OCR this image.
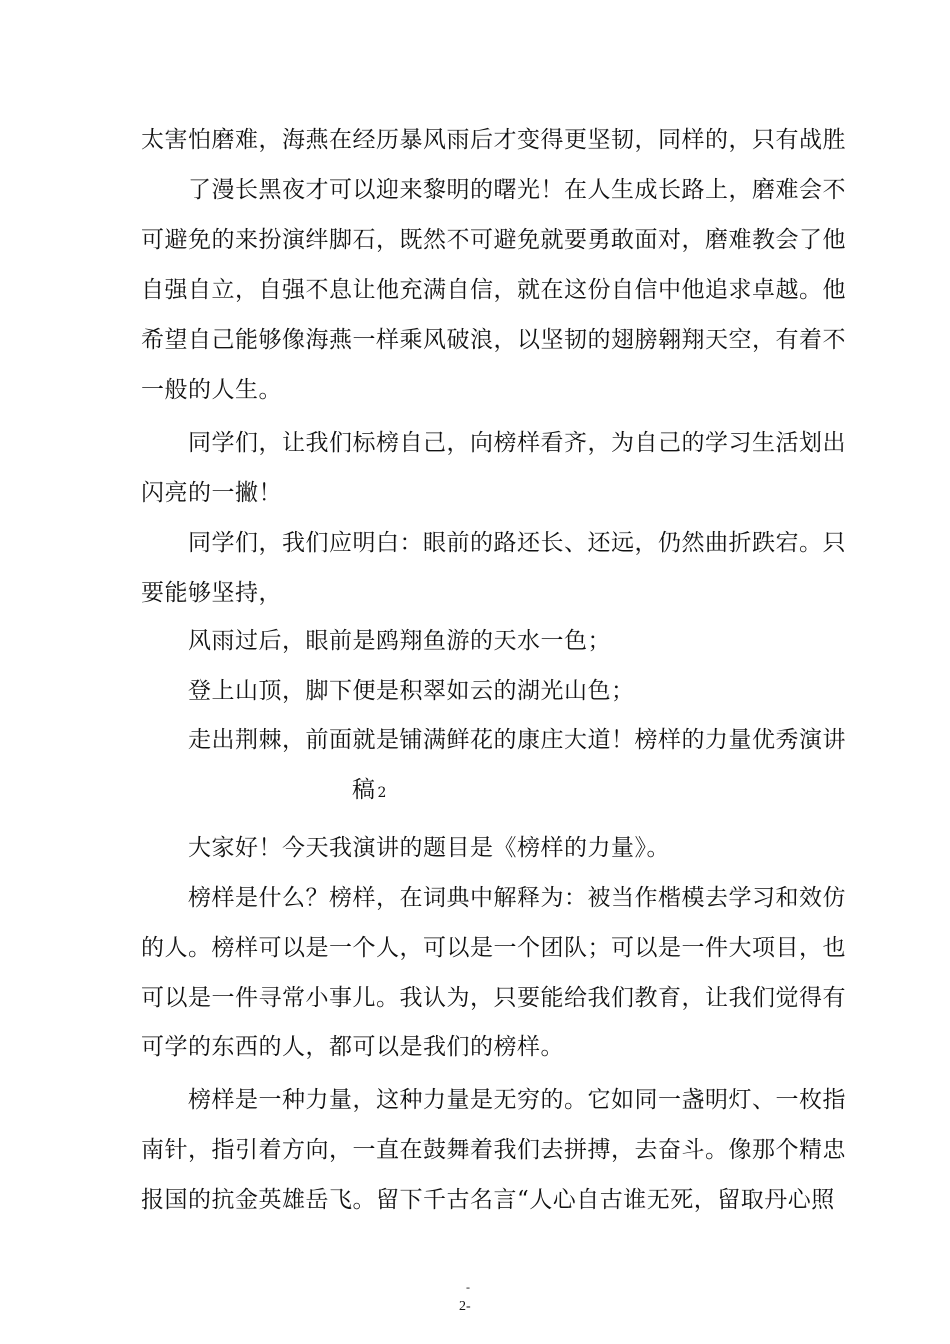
太害怕磨难，海燕在经历暴风雨后才变得更坚韧，同样的，只有战胜
了漫长黑夜才可以迎来黎明的曙光！在人生成长路上，磨难会不
可避免的来扮演绊脚石，既然不可避免就要勇敢面对，磨难教会了他
自强自立，自强不息让他充满自信，就在这份自信中他追求卓越。他
希望自己能够像海燕一样乘风破浪，以坚韧的翅膀翱翔天空，有着不
一般的人生。
同学们，让我们标榜自己，向榜样看齐，为自己的学习生活划出
闪亮的一撇！
同学们，我们应明白：眼前的路还长、还远，仍然曲折跌宕。只
要能够坚持，
风雨过后，眼前是鸥翔鱼游的天水一色；
登上山顶，脚下便是积翠如云的湖光山色；
走出荆棘，前面就是铺满鲜花的康庄大道！榜样的力量优秀演讲
稿 2
大家好！今天我演讲的题目是《榜样的力量》。
榜样是什么？榜样，在词典中解释为：被当作楷模去学习和效仿
的人。榜样可以是一个人，可以是一个团队；可以是一件大项目，也
可以是一件寻常小事儿。我认为，只要能给我们教育，让我们觉得有
可学的东西的人，都可以是我们的榜样。
榜样是一种力量，这种力量是无穷的。它如同一盏明灯、一枚指
南针，指引着方向，一直在鼓舞着我们去拼搏，去奋斗。像那个精忠
报国的抗金英雄岳飞。留下千古名言“人心自古谁无死，留取丹心照
-
2-
